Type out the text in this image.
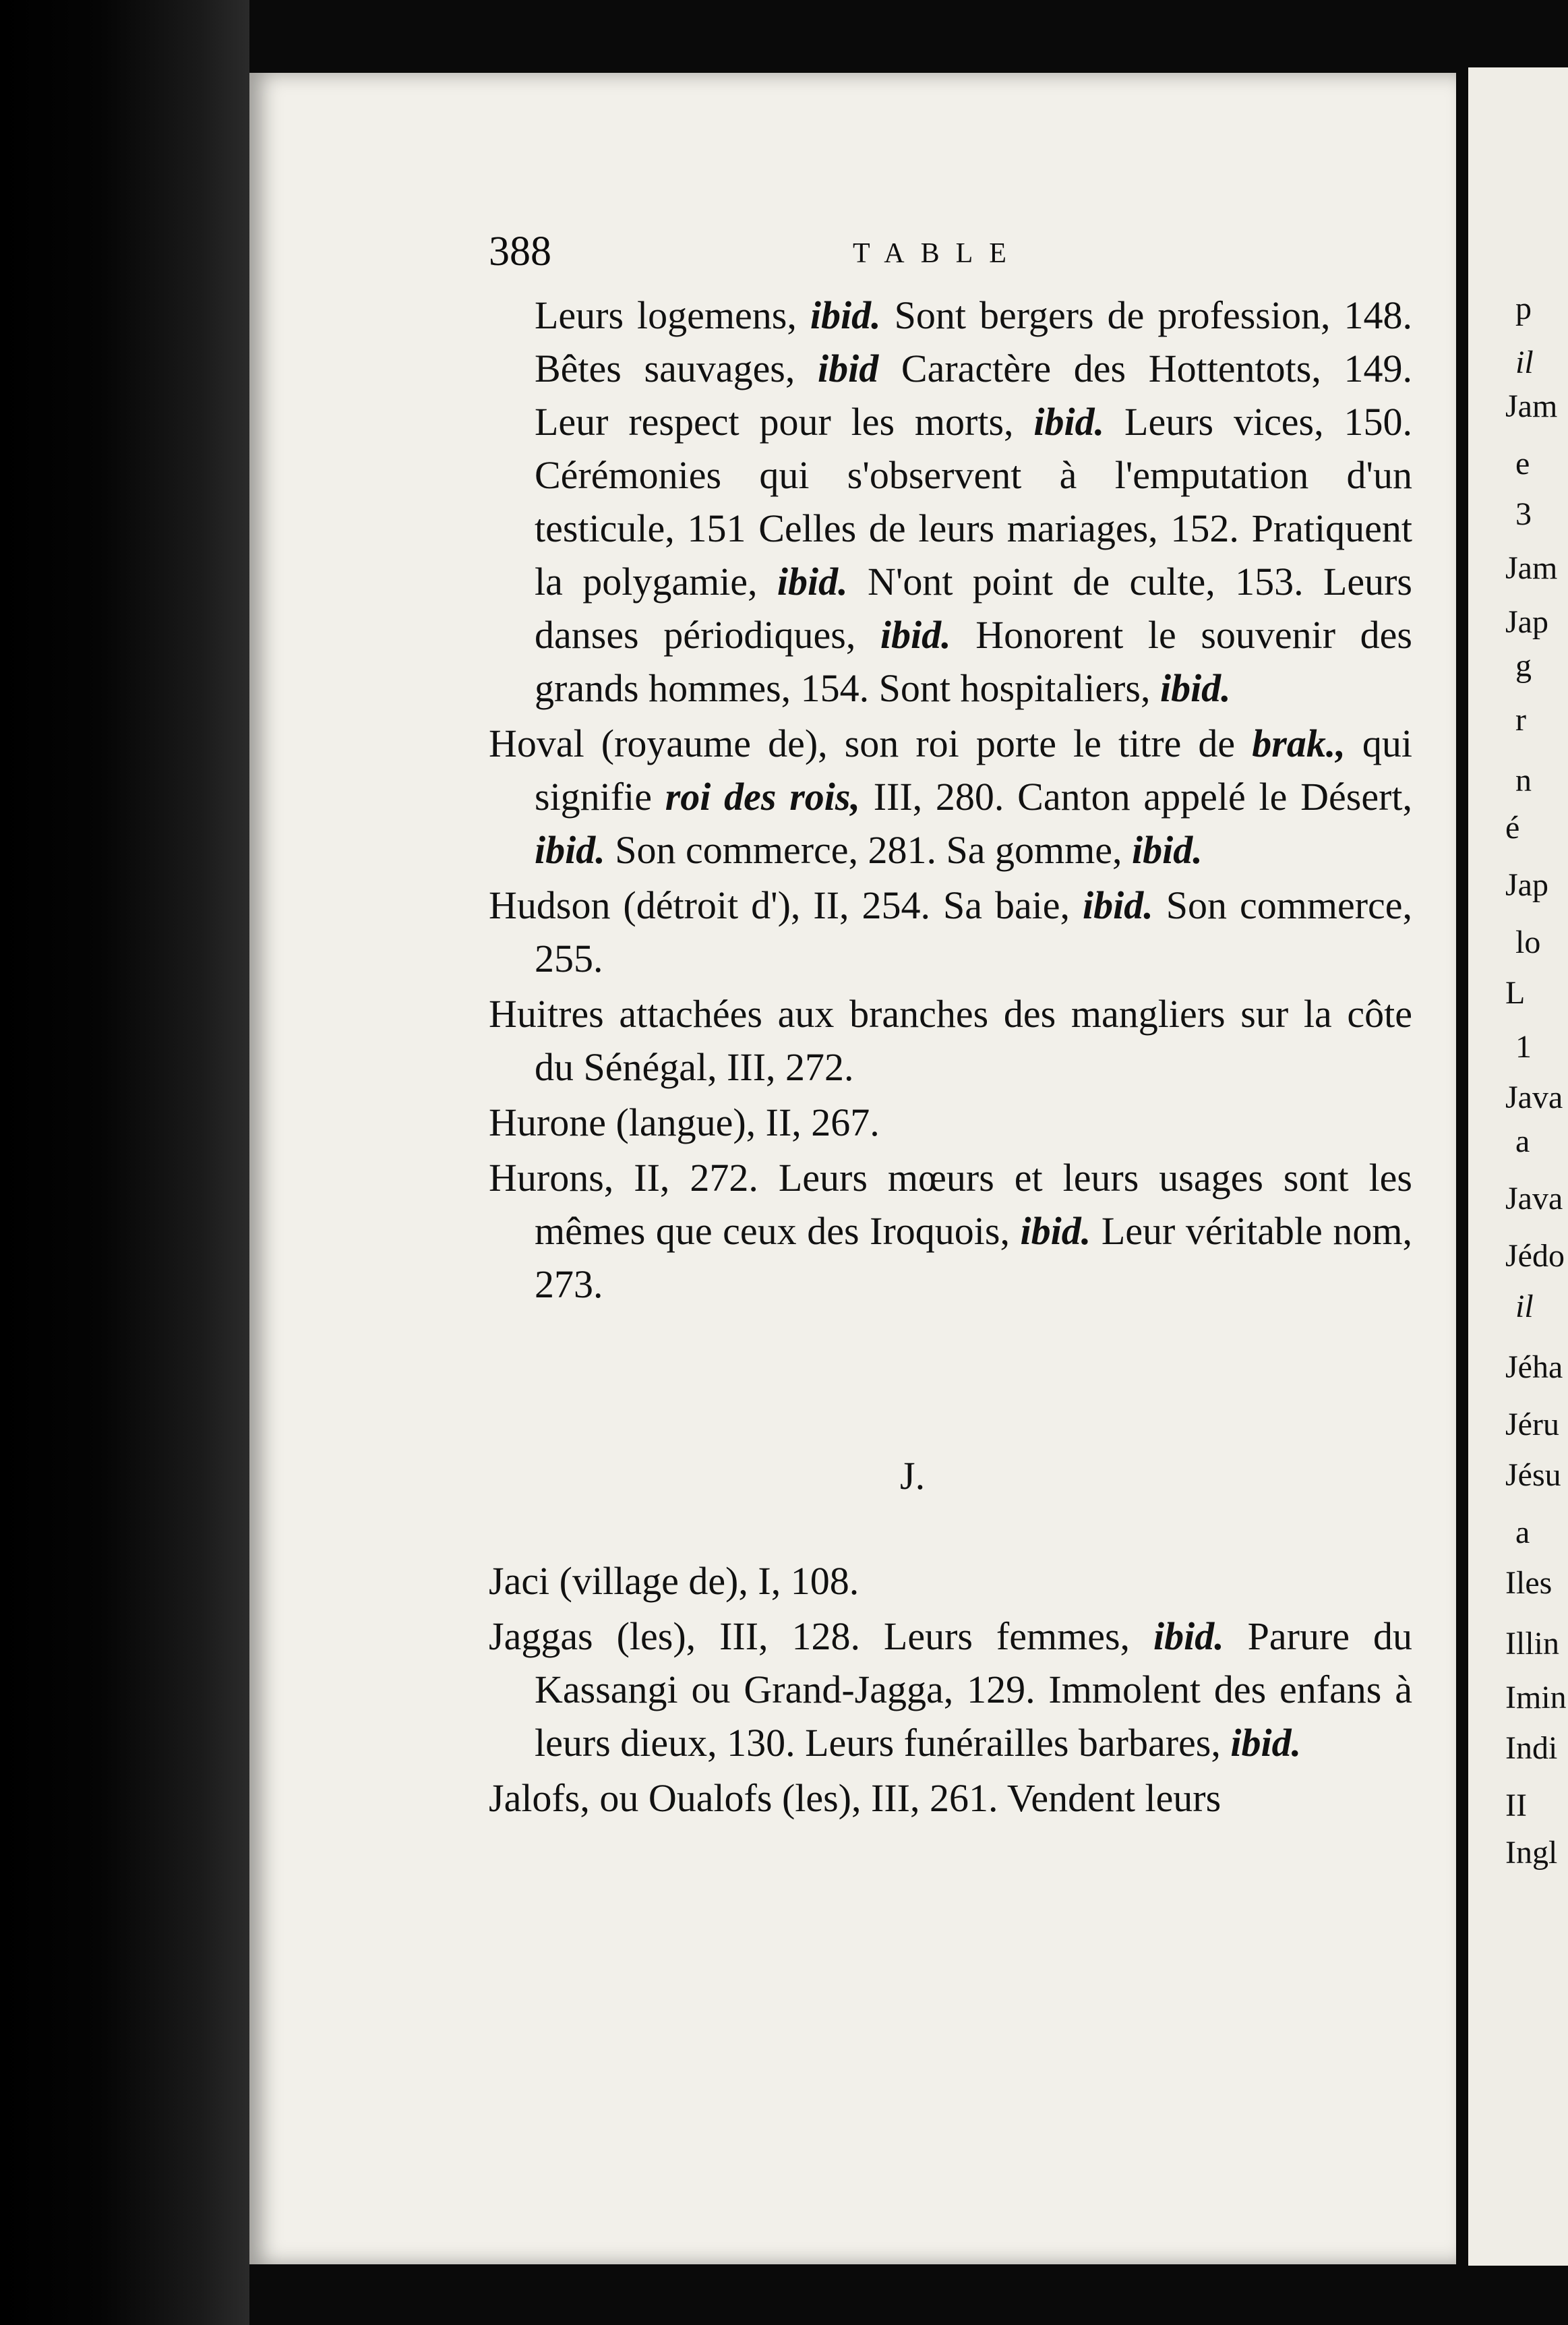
p
il
Jam
e
3
Jam
Jap
g
r
n
é
Jap
lo
L
1
Java
a
Java
Jédo
il
Jéha
Jéru
Jésu
a
Iles
Illin
Imin
Indi
II
Ingl
388	TABLE
Leurs logemens, ibid. Sont bergers de profession, 148. Bêtes sauvages, ibid Caractère des Hottentots, 149. Leur respect pour les morts, ibid. Leurs vices, 150. Cérémonies qui s'observent à l'emputation d'un testicule, 151 Celles de leurs mariages, 152. Pratiquent la polygamie, ibid. N'ont point de culte, 153. Leurs danses périodiques, ibid. Honorent le souvenir des grands hommes, 154. Sont hospitaliers, ibid.
Hoval (royaume de), son roi porte le titre de brak., qui signifie roi des rois, III, 280. Canton appelé le Désert, ibid. Son commerce, 281. Sa gomme, ibid.
Hudson (détroit d'), II, 254. Sa baie, ibid. Son commerce, 255.
Huitres attachées aux branches des mangliers sur la côte du Sénégal, III, 272.
Hurone (langue), II, 267.
Hurons, II, 272. Leurs mœurs et leurs usages sont les mêmes que ceux des Iroquois, ibid. Leur véritable nom, 273.
J.
Jaci (village de), I, 108.
Jaggas (les), III, 128. Leurs femmes, ibid. Parure du Kassangi ou Grand-Jagga, 129. Immolent des enfans à leurs dieux, 130. Leurs funérailles barbares, ibid.
Jalofs, ou Oualofs (les), III, 261. Vendent leurs
